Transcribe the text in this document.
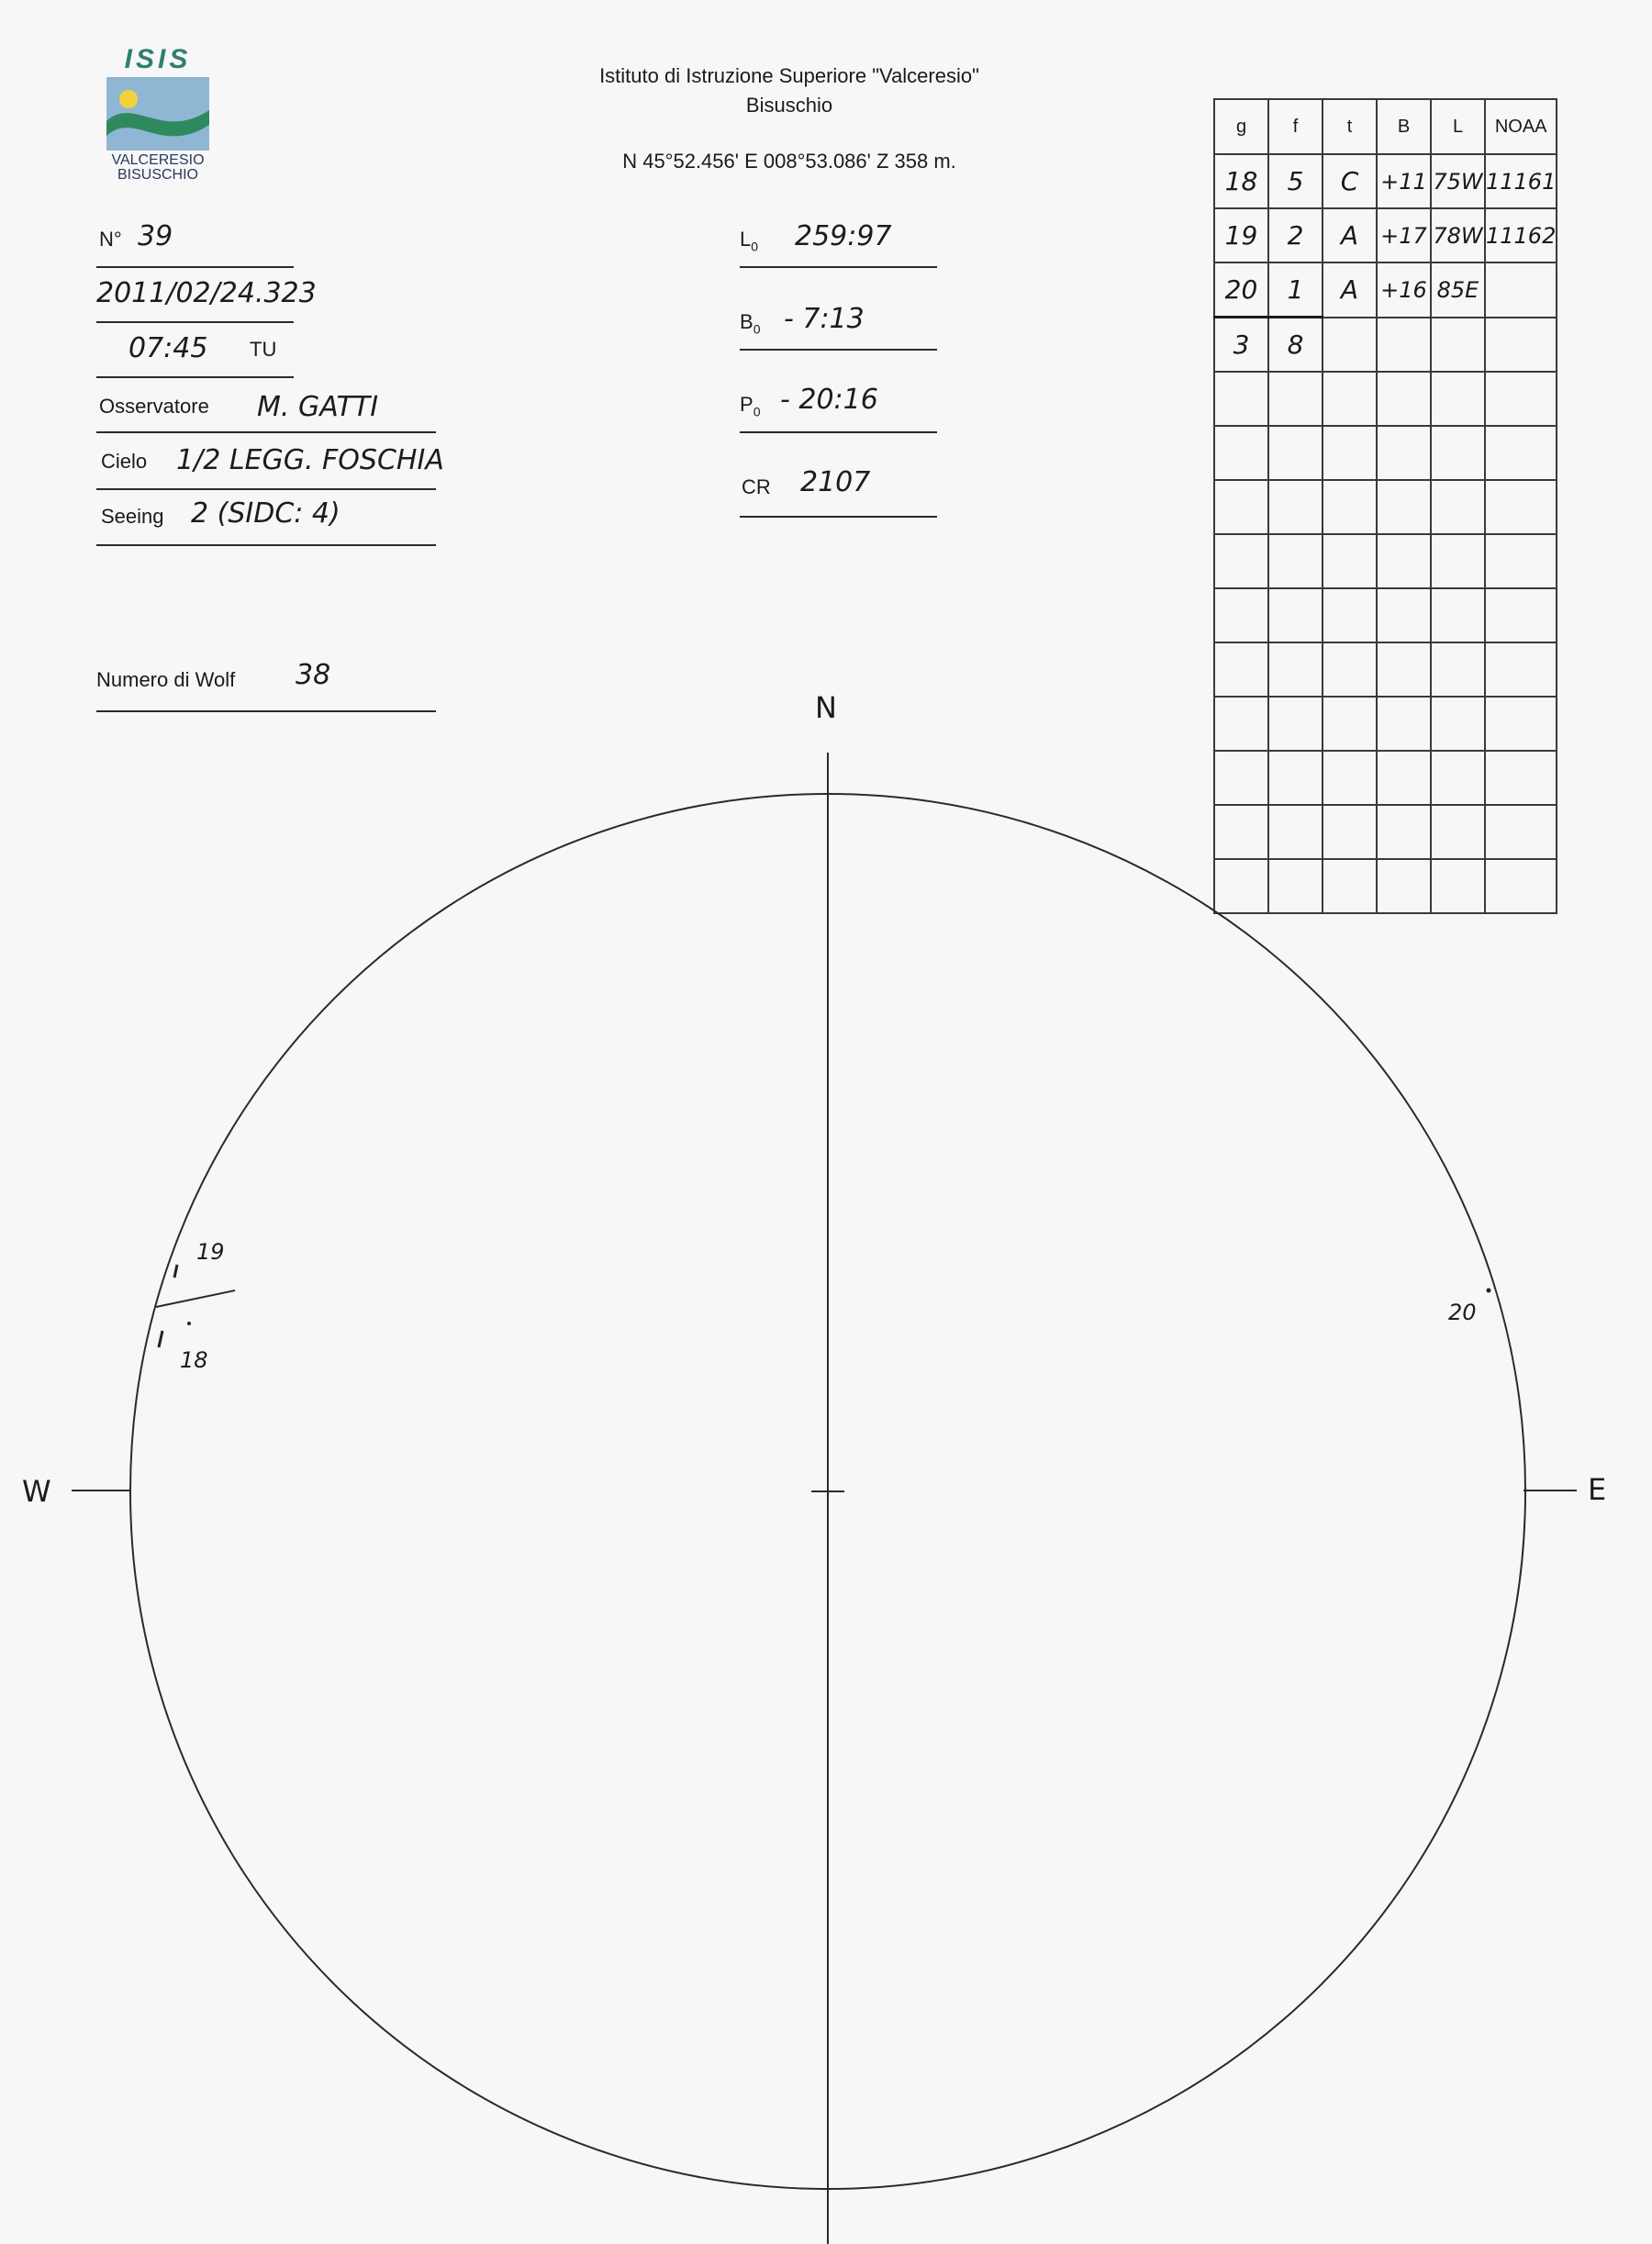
ISIS
VALCERESIO
BISUSCHIO
Istituto di Istruzione Superiore "Valceresio"
Bisuschio
N 45°52.456' E 008°53.086' Z 358 m.
N° 39
2011/02/24.323
07:45 TU
Osservatore M. GATTI
Cielo 1/2 LEGG. FOSCHIA
Seeing 2 (SIDC: 4)
Numero di Wolf 38
$L_0$ 259:97
$B_0$ - 7:13
$P_0$ - 20:16
CR 2107
g	f	t	B	L	NOAA
18	5	C	+11	75W	11161
19	2	A	+17	78W	11162
20	1	A	+16	85E	
3	8				

N
W	E
19
18
20
